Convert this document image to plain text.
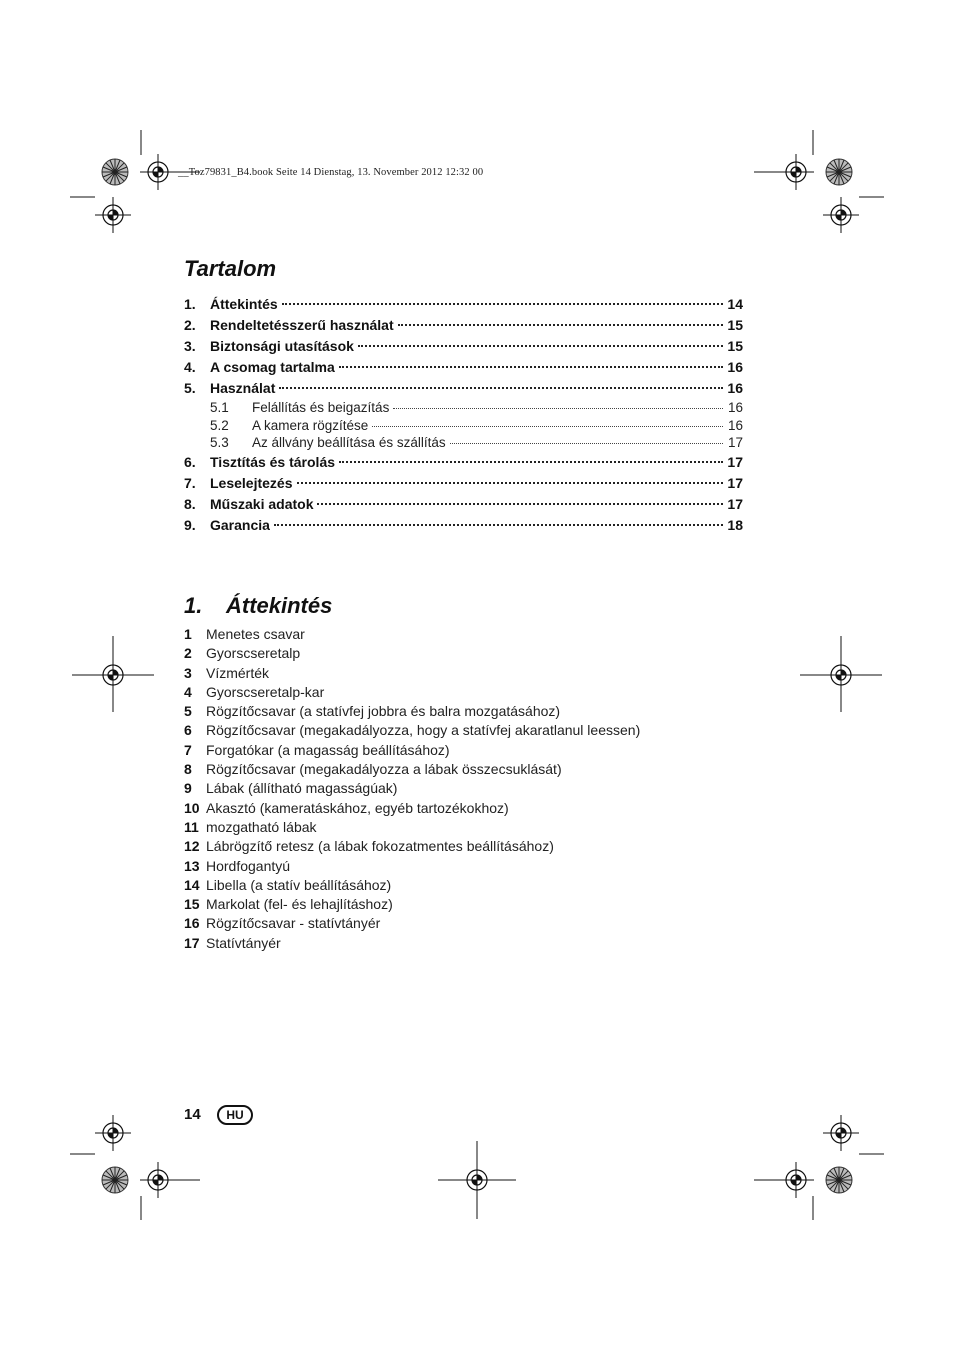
__Toz79831_B4.book Seite 14 Dienstag, 13. November 2012 12:32 00
Tartalom
1.	Áttekintés	14
2.	Rendeltetésszerű használat	15
3.	Biztonsági utasítások	15
4.	A csomag tartalma	16
5.	Használat	16
5.1	Felállítás és beigazítás	16
5.2	A kamera rögzítése	16
5.3	Az állvány beállítása és szállítás	17
6.	Tisztítás és tárolás	17
7.	Leselejtezés	17
8.	Műszaki adatok	17
9.	Garancia	18
1. Áttekintés
1	Menetes csavar
2	Gyorscseretalp
3	Vízmérték
4	Gyorscseretalp-kar
5	Rögzítőcsavar (a statívfej jobbra és balra mozgatásához)
6	Rögzítőcsavar (megakadályozza, hogy a statívfej akaratlanul leessen)
7	Forgatókar (a magasság beállításához)
8	Rögzítőcsavar (megakadályozza a lábak összecsuklását)
9	Lábak (állítható magasságúak)
10 Akasztó (kameratáskához, egyéb tartozékokhoz)
11 mozgatható lábak
12 Lábrögzítő retesz (a lábak fokozatmentes beállításához)
13 Hordfogantyú
14 Libella (a statív beállításához)
15 Markolat (fel- és lehajlításhoz)
16 Rögzítőcsavar - statívtányér
17 Statívtányér
14	HU
